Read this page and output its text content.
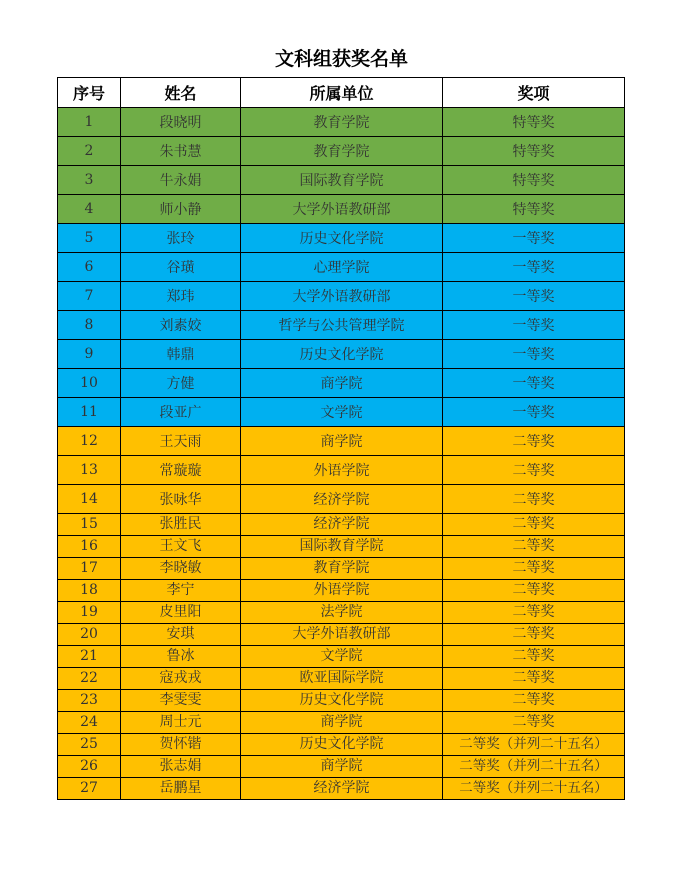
文科组获奖名单
序号	姓名	所属单位	奖项
1	段晓明	教育学院	特等奖
2	朱书慧	教育学院	特等奖
3	牛永娟	国际教育学院	特等奖
4	师小静	大学外语教研部	特等奖
5	张玲	历史文化学院	一等奖
6	谷璜	心理学院	一等奖
7	郑玮	大学外语教研部	一等奖
8	刘素姣	哲学与公共管理学院	一等奖
9	韩鼎	历史文化学院	一等奖
10	方健	商学院	一等奖
11	段亚广	文学院	一等奖
12	王天雨	商学院	二等奖
13	常璇璇	外语学院	二等奖
14	张咏华	经济学院	二等奖
15	张胜民	经济学院	二等奖
16	王文飞	国际教育学院	二等奖
17	李晓敏	教育学院	二等奖
18	李宁	外语学院	二等奖
19	皮里阳	法学院	二等奖
20	安琪	大学外语教研部	二等奖
21	鲁冰	文学院	二等奖
22	寇戎戎	欧亚国际学院	二等奖
23	李雯雯	历史文化学院	二等奖
24	周士元	商学院	二等奖
25	贺怀锴	历史文化学院	二等奖（并列二十五名）
26	张志娟	商学院	二等奖（并列二十五名）
27	岳鹏星	经济学院	二等奖（并列二十五名）
